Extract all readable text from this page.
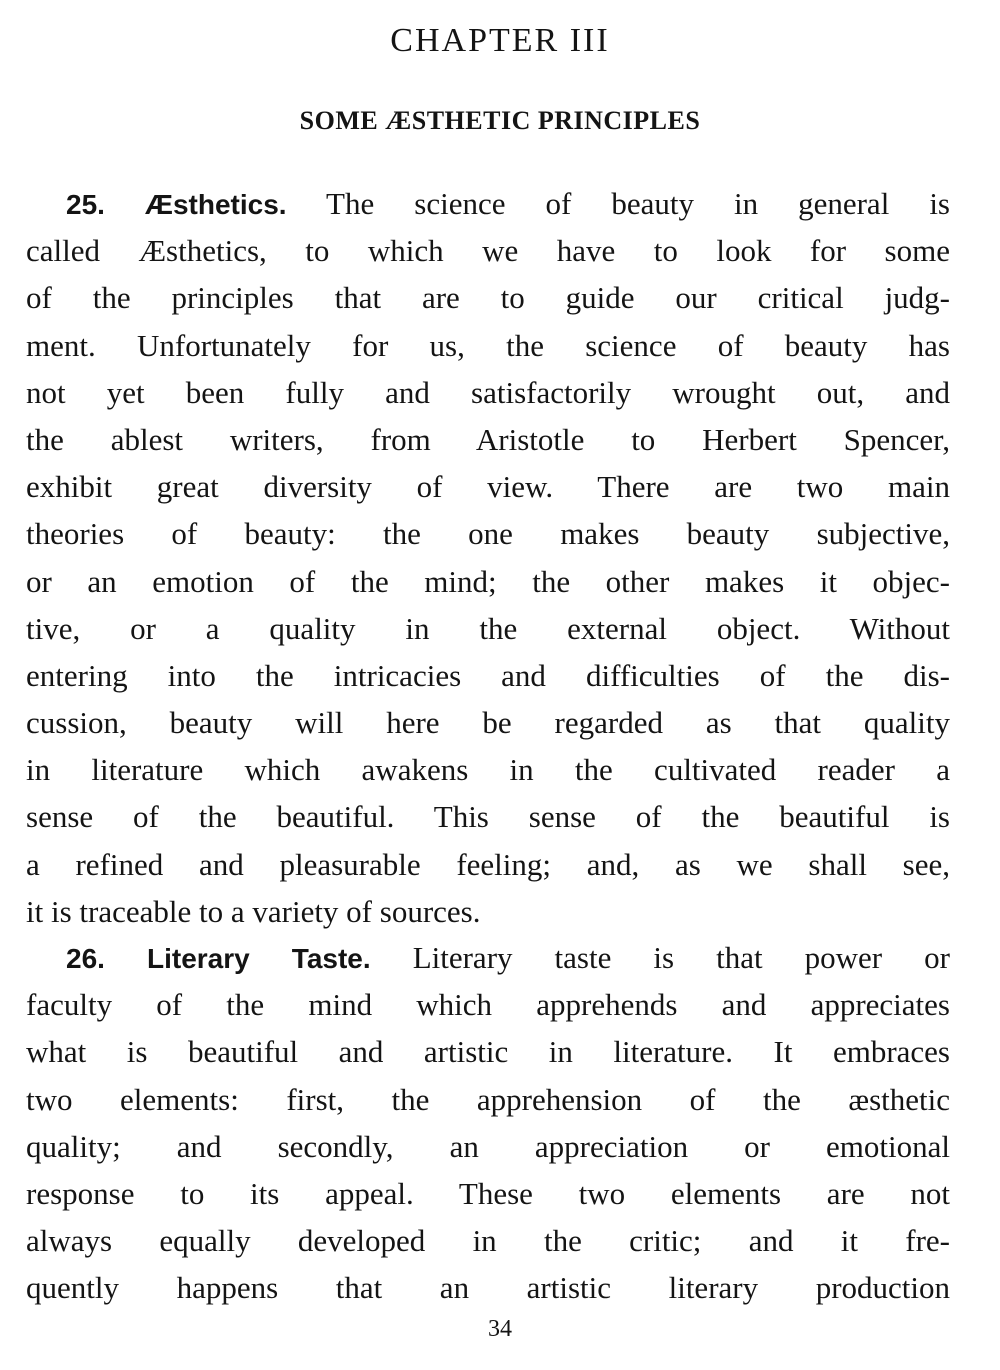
CHAPTER III
SOME ÆSTHETIC PRINCIPLES
25. Æsthetics. The science of beauty in general is
called Æsthetics, to which we have to look for some
of the principles that are to guide our critical judg-
ment. Unfortunately for us, the science of beauty has
not yet been fully and satisfactorily wrought out, and
the ablest writers, from Aristotle to Herbert Spencer,
exhibit great diversity of view. There are two main
theories of beauty: the one makes beauty subjective,
or an emotion of the mind; the other makes it objec-
tive, or a quality in the external object. Without
entering into the intricacies and difficulties of the dis-
cussion, beauty will here be regarded as that quality
in literature which awakens in the cultivated reader a
sense of the beautiful. This sense of the beautiful is
a refined and pleasurable feeling; and, as we shall see,
it is traceable to a variety of sources.
26. Literary Taste. Literary taste is that power or
faculty of the mind which apprehends and appreciates
what is beautiful and artistic in literature. It embraces
two elements: first, the apprehension of the æsthetic
quality; and secondly, an appreciation or emotional
response to its appeal. These two elements are not
always equally developed in the critic; and it fre-
quently happens that an artistic literary production
34
